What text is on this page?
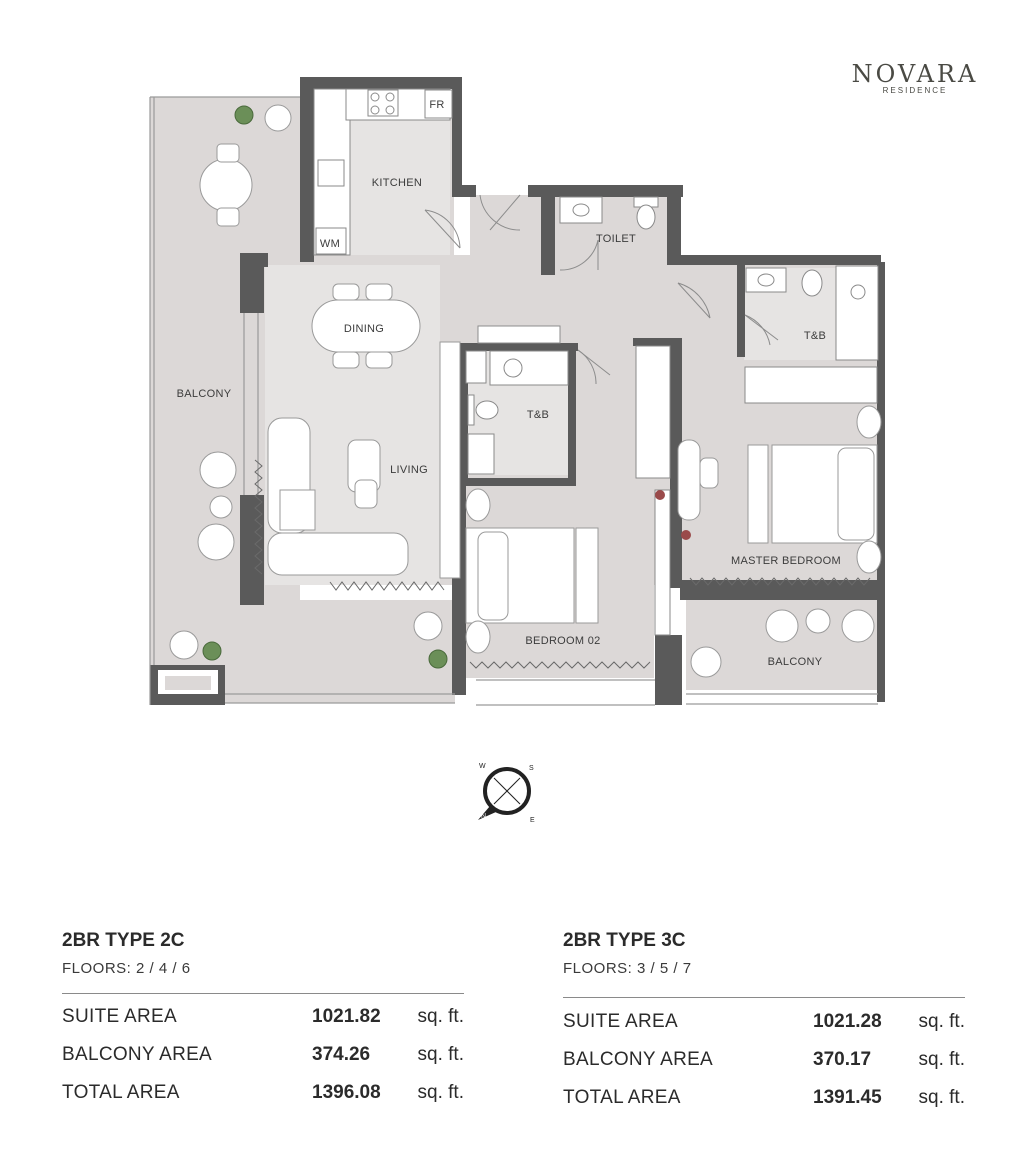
NOVARA
RESIDENCE
KITCHEN
FR
WM	TOILET
T&B
T&B
DINING
LIVING
BALCONY
BEDROOM 02
MASTER BEDROOM
BALCONY
W	S
E
N
2BR TYPE 2C
FLOORS: 2 / 4 / 6
SUITE AREA	1021.82 sq. ft.
BALCONY AREA	374.26 sq. ft.
TOTAL AREA	1396.08 sq. ft.
2BR TYPE 3C
FLOORS: 3 / 5 / 7
SUITE AREA	1021.28 sq. ft.
BALCONY AREA	370.17 sq. ft.
TOTAL AREA	1391.45 sq. ft.
